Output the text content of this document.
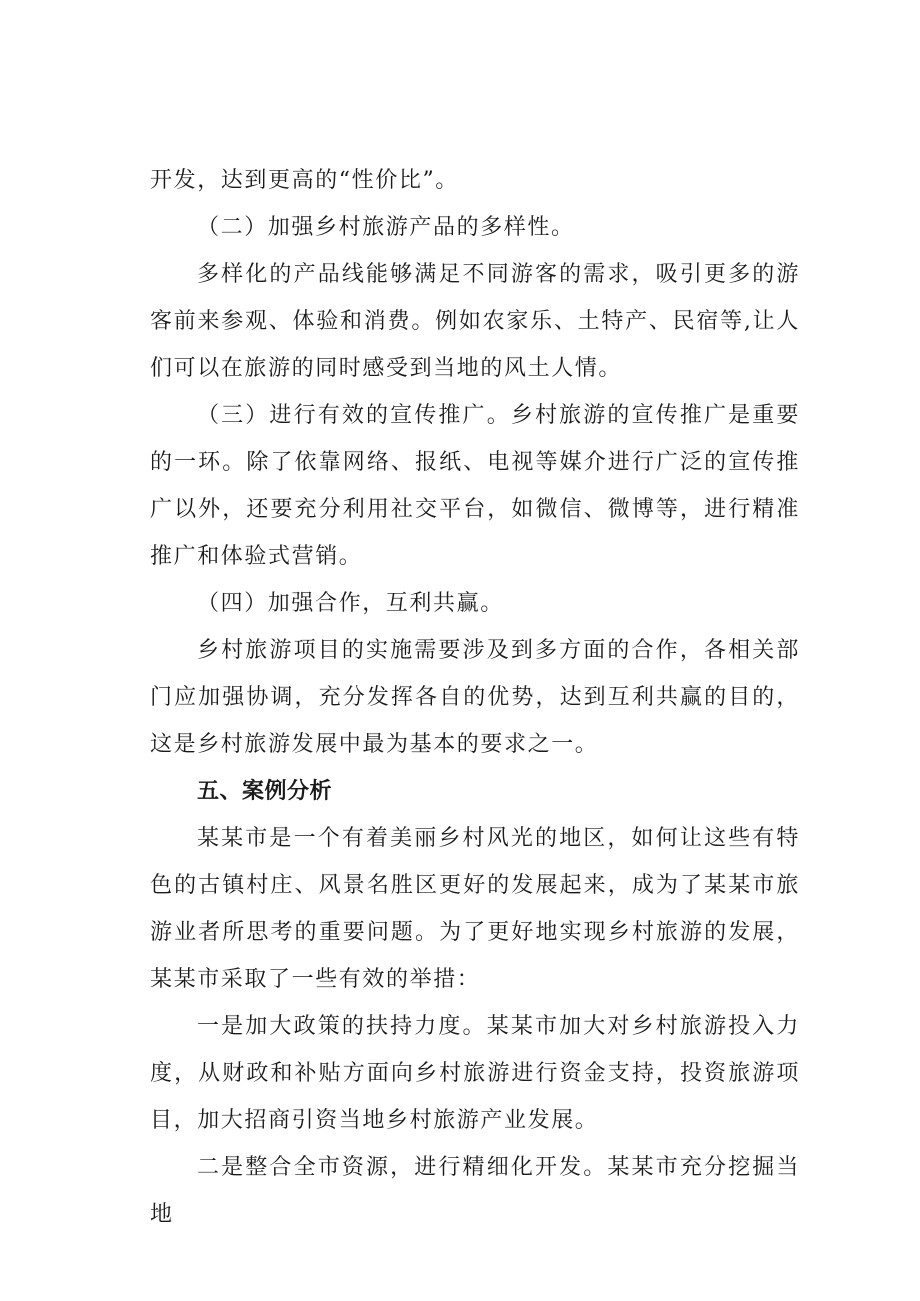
开发，达到更高的“性价比”。

（二）加强乡村旅游产品的多样性。

多样化的产品线能够满足不同游客的需求，吸引更多的游客前来参观、体验和消费。例如农家乐、土特产、民宿等,让人们可以在旅游的同时感受到当地的风土人情。

（三）进行有效的宣传推广。乡村旅游的宣传推广是重要的一环。除了依靠网络、报纸、电视等媒介进行广泛的宣传推广以外，还要充分利用社交平台，如微信、微博等，进行精准推广和体验式营销。

（四）加强合作，互利共赢。

乡村旅游项目的实施需要涉及到多方面的合作，各相关部门应加强协调，充分发挥各自的优势，达到互利共赢的目的，这是乡村旅游发展中最为基本的要求之一。

五、案例分析

某某市是一个有着美丽乡村风光的地区，如何让这些有特色的古镇村庄、风景名胜区更好的发展起来，成为了某某市旅游业者所思考的重要问题。为了更好地实现乡村旅游的发展，某某市采取了一些有效的举措：

一是加大政策的扶持力度。某某市加大对乡村旅游投入力度，从财政和补贴方面向乡村旅游进行资金支持，投资旅游项目，加大招商引资当地乡村旅游产业发展。

二是整合全市资源，进行精细化开发。某某市充分挖掘当地
